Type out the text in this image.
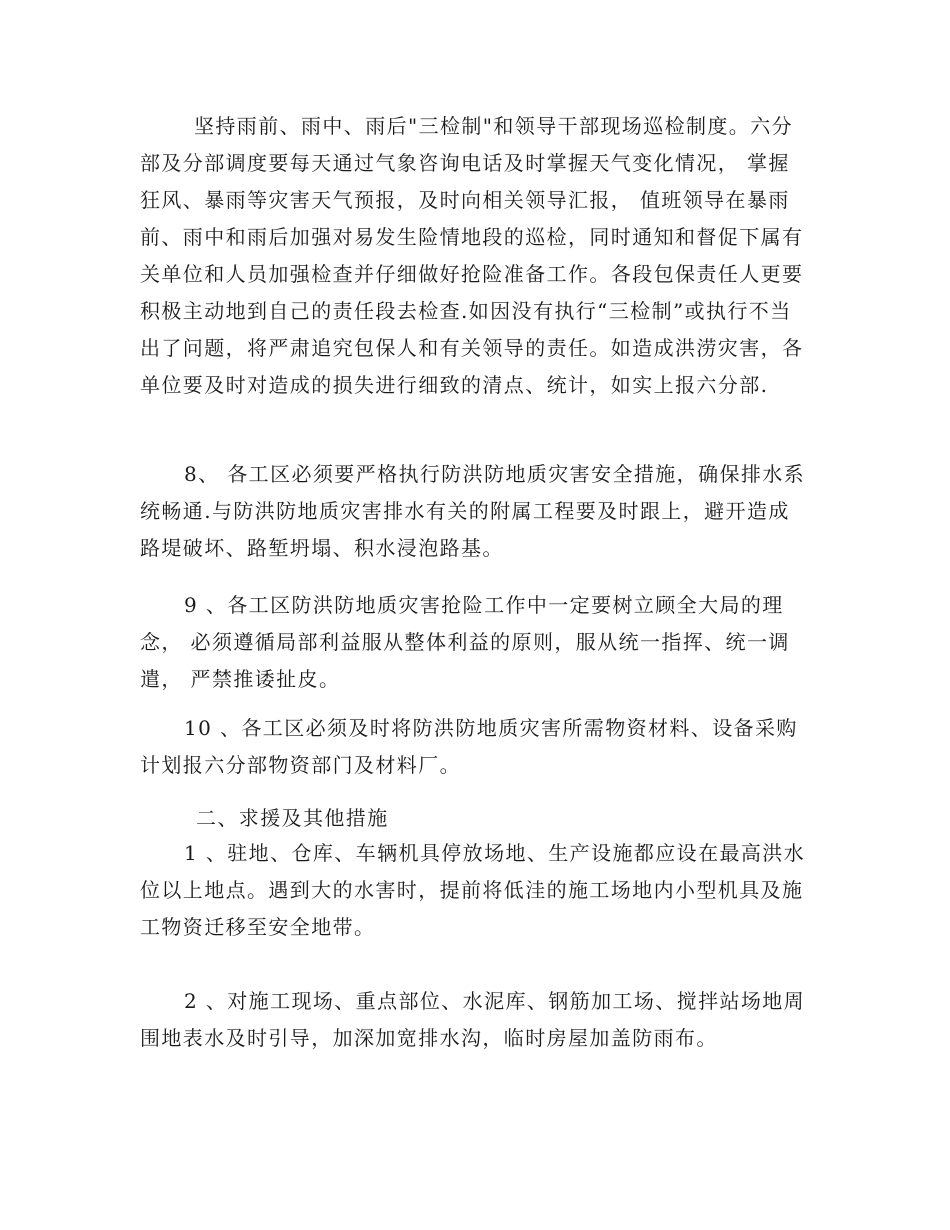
坚持雨前、雨中、雨后"三检制"和领导干部现场巡检制度。六分部及分部调度要每天通过气象咨询电话及时掌握天气变化情况， 掌握狂风、暴雨等灾害天气预报，及时向相关领导汇报， 值班领导在暴雨前、雨中和雨后加强对易发生险情地段的巡检，同时通知和督促下属有关单位和人员加强检查并仔细做好抢险准备工作。各段包保责任人更要积极主动地到自己的责任段去检查.如因没有执行“三检制”或执行不当出了问题，将严肃追究包保人和有关领导的责任。如造成洪涝灾害，各单位要及时对造成的损失进行细致的清点、统计，如实上报六分部.

8、 各工区必须要严格执行防洪防地质灾害安全措施，确保排水系统畅通.与防洪防地质灾害排水有关的附属工程要及时跟上，避开造成路堤破坏、路堑坍塌、积水浸泡路基。

9 、各工区防洪防地质灾害抢险工作中一定要树立顾全大局的理念， 必须遵循局部利益服从整体利益的原则，服从统一指挥、统一调遣， 严禁推诿扯皮。

10 、各工区必须及时将防洪防地质灾害所需物资材料、设备采购计划报六分部物资部门及材料厂。

二、求援及其他措施

1 、驻地、仓库、车辆机具停放场地、生产设施都应设在最高洪水位以上地点。遇到大的水害时，提前将低洼的施工场地内小型机具及施工物资迁移至安全地带。

2 、对施工现场、重点部位、水泥库、钢筋加工场、搅拌站场地周围地表水及时引导，加深加宽排水沟，临时房屋加盖防雨布。
